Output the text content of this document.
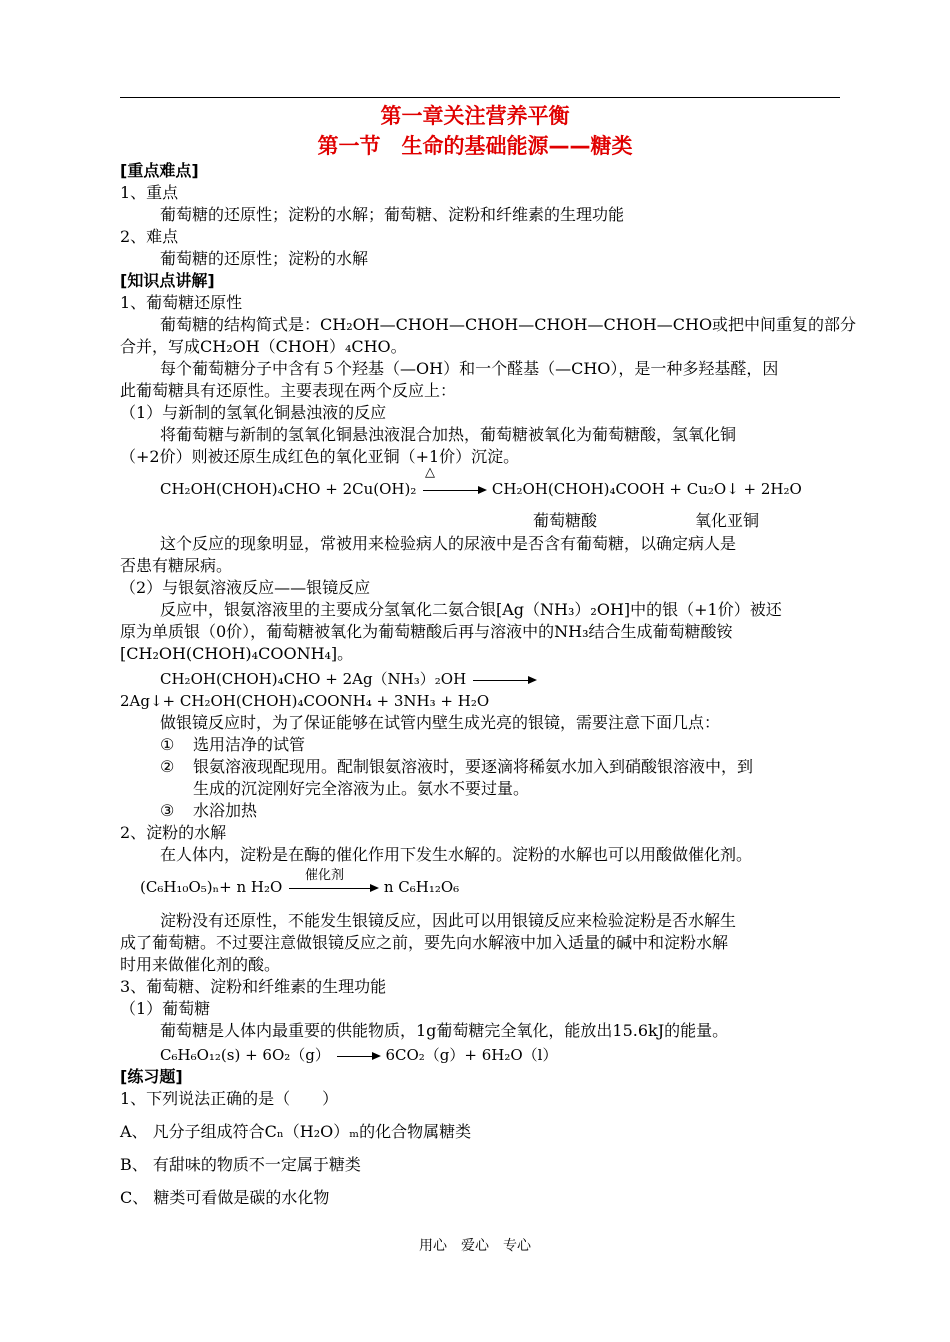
第一章关注营养平衡
第一节　生命的基础能源——糖类
[重点难点]
1、重点
葡萄糖的还原性；淀粉的水解；葡萄糖、淀粉和纤维素的生理功能
2、难点
葡萄糖的还原性；淀粉的水解
[知识点讲解]
1、葡萄糖还原性
葡萄糖的结构简式是：CH₂OH—CHOH—CHOH—CHOH—CHOH—CHO或把中间重复的部分
合并，写成CH₂OH（CHOH）₄CHO。
每个葡萄糖分子中含有５个羟基（—OH）和一个醛基（—CHO），是一种多羟基醛，因
此葡萄糖具有还原性。主要表现在两个反应上：
（1）与新制的氢氧化铜悬浊液的反应
将葡萄糖与新制的氢氧化铜悬浊液混合加热，葡萄糖被氧化为葡萄糖酸，氢氧化铜
（+2价）则被还原生成红色的氧化亚铜（+1价）沉淀。
CH₂OH(CHOH)₄CHO + 2Cu(OH)₂	CH₂OH(CHOH)₄COOH + Cu₂O↓ + 2H₂O
△
葡萄糖酸	氧化亚铜
这个反应的现象明显，常被用来检验病人的尿液中是否含有葡萄糖，以确定病人是
否患有糖尿病。
（2）与银氨溶液反应——银镜反应
反应中，银氨溶液里的主要成分氢氧化二氨合银[Ag（NH₃）₂OH]中的银（+1价）被还
原为单质银（0价），葡萄糖被氧化为葡萄糖酸后再与溶液中的NH₃结合生成葡萄糖酸铵
[CH₂OH(CHOH)₄COONH₄]。
CH₂OH(CHOH)₄CHO + 2Ag（NH₃）₂OH
2Ag↓+ CH₂OH(CHOH)₄COONH₄ + 3NH₃ + H₂O
做银镜反应时，为了保证能够在试管内壁生成光亮的银镜，需要注意下面几点：
①	选用洁净的试管
②	银氨溶液现配现用。配制银氨溶液时，要逐滴将稀氨水加入到硝酸银溶液中，到
生成的沉淀刚好完全溶液为止。氨水不要过量。
③	水浴加热
2、淀粉的水解
在人体内，淀粉是在酶的催化作用下发生水解的。淀粉的水解也可以用酸做催化剂。
(C₆H₁₀O₅)ₙ+ n H₂O	n C₆H₁₂O₆
催化剂
淀粉没有还原性，不能发生银镜反应，因此可以用银镜反应来检验淀粉是否水解生
成了葡萄糖。不过要注意做银镜反应之前，要先向水解液中加入适量的碱中和淀粉水解
时用来做催化剂的酸。
3、葡萄糖、淀粉和纤维素的生理功能
（1）葡萄糖
葡萄糖是人体内最重要的供能物质，1g葡萄糖完全氧化，能放出15.6kJ的能量。
C₆H₆O₁₂(s) + 6O₂（g） → 6CO₂（g）+ 6H₂O（l）
[练习题]
1、下列说法正确的是（　　）
A、 凡分子组成符合Cₙ（H₂O）ₘ的化合物属糖类
B、 有甜味的物质不一定属于糖类
C、 糖类可看做是碳的水化物
用心　爱心　专心
